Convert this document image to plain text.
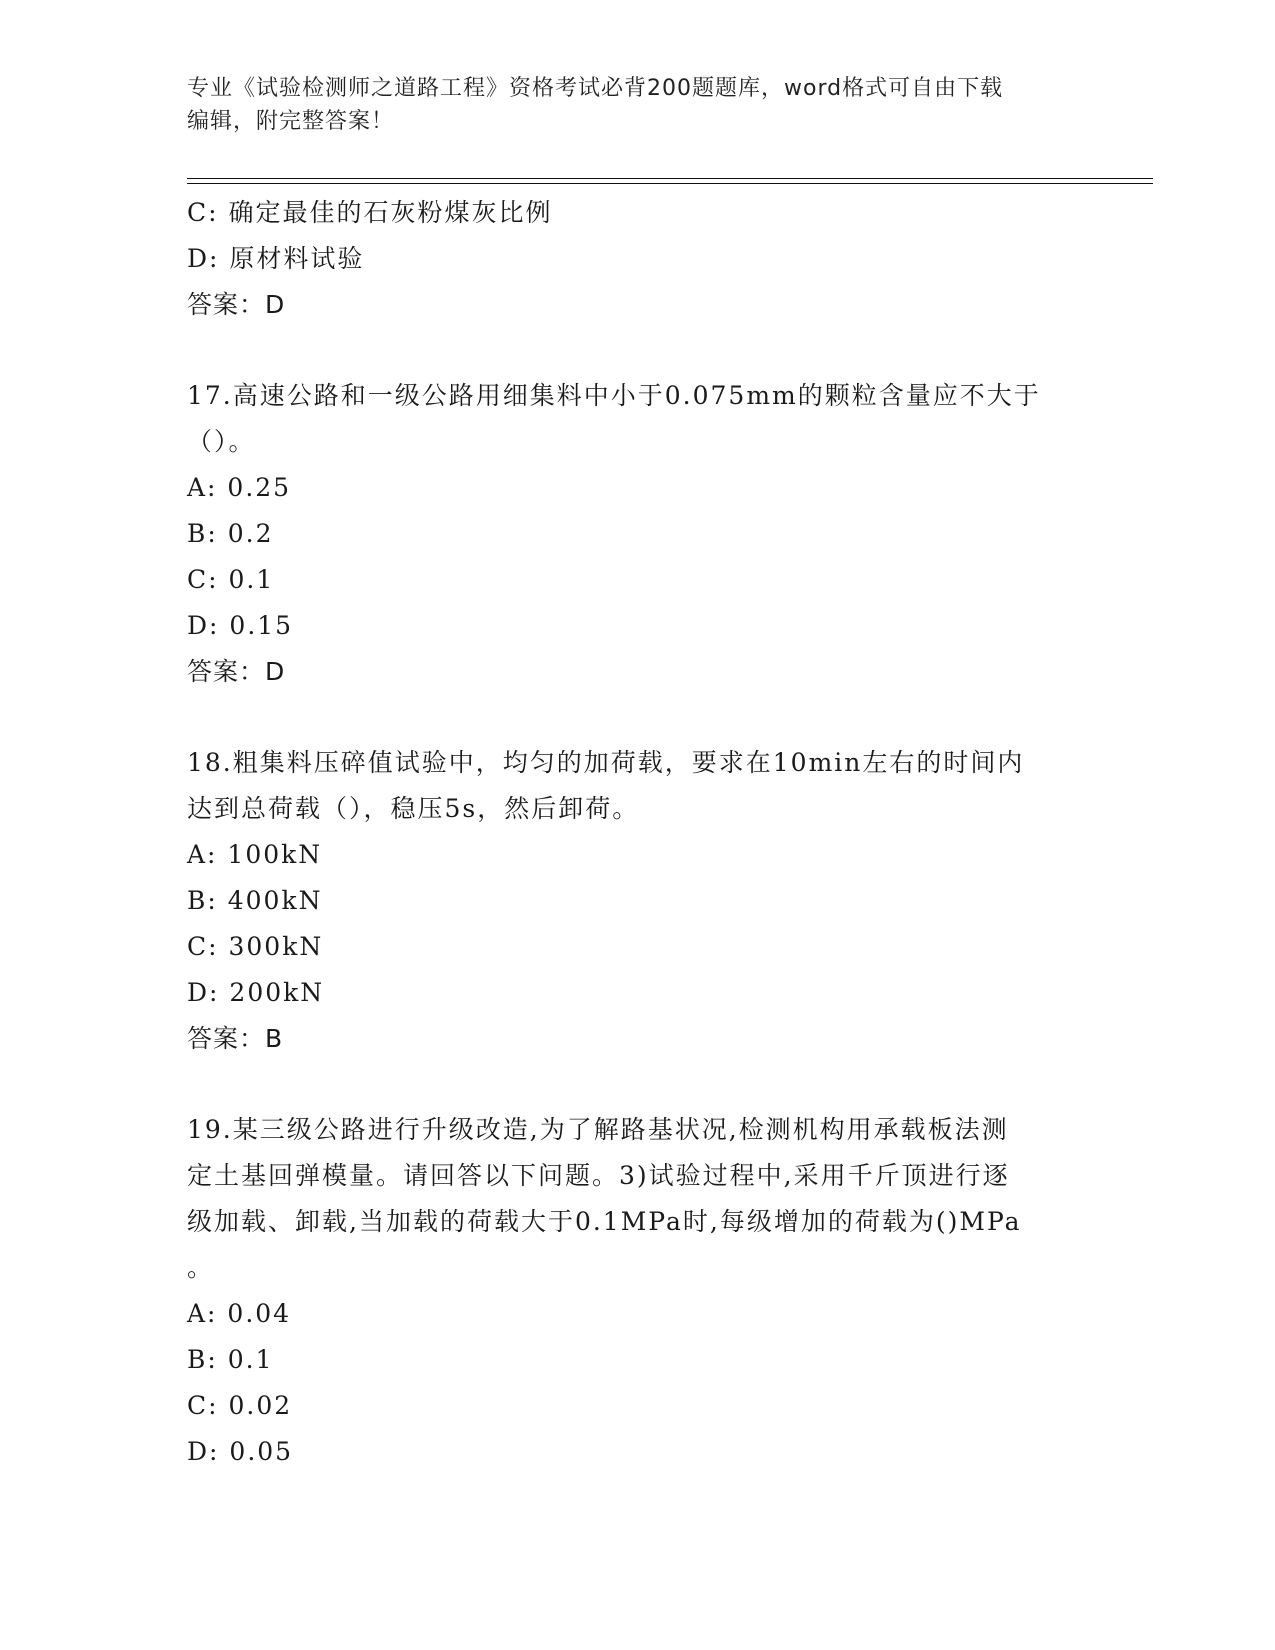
专业《试验检测师之道路工程》资格考试必背200题题库，word格式可自由下载
编辑，附完整答案！
C: 确定最佳的石灰粉煤灰比例
D: 原材料试验
答案：D
17.高速公路和一级公路用细集料中小于0.075mm的颗粒含量应不大于
（）。
A: 0.25
B: 0.2
C: 0.1
D: 0.15
答案：D
18.粗集料压碎值试验中，均匀的加荷载，要求在10min左右的时间内
达到总荷载（），稳压5s，然后卸荷。
A: 100kN
B: 400kN
C: 300kN
D: 200kN
答案：B
19.某三级公路进行升级改造,为了解路基状况,检测机构用承载板法测
定土基回弹模量。请回答以下问题。3)试验过程中,采用千斤顶进行逐
级加载、卸载,当加载的荷载大于0.1MPa时,每级增加的荷载为()MPa
。
A: 0.04
B: 0.1
C: 0.02
D: 0.05
